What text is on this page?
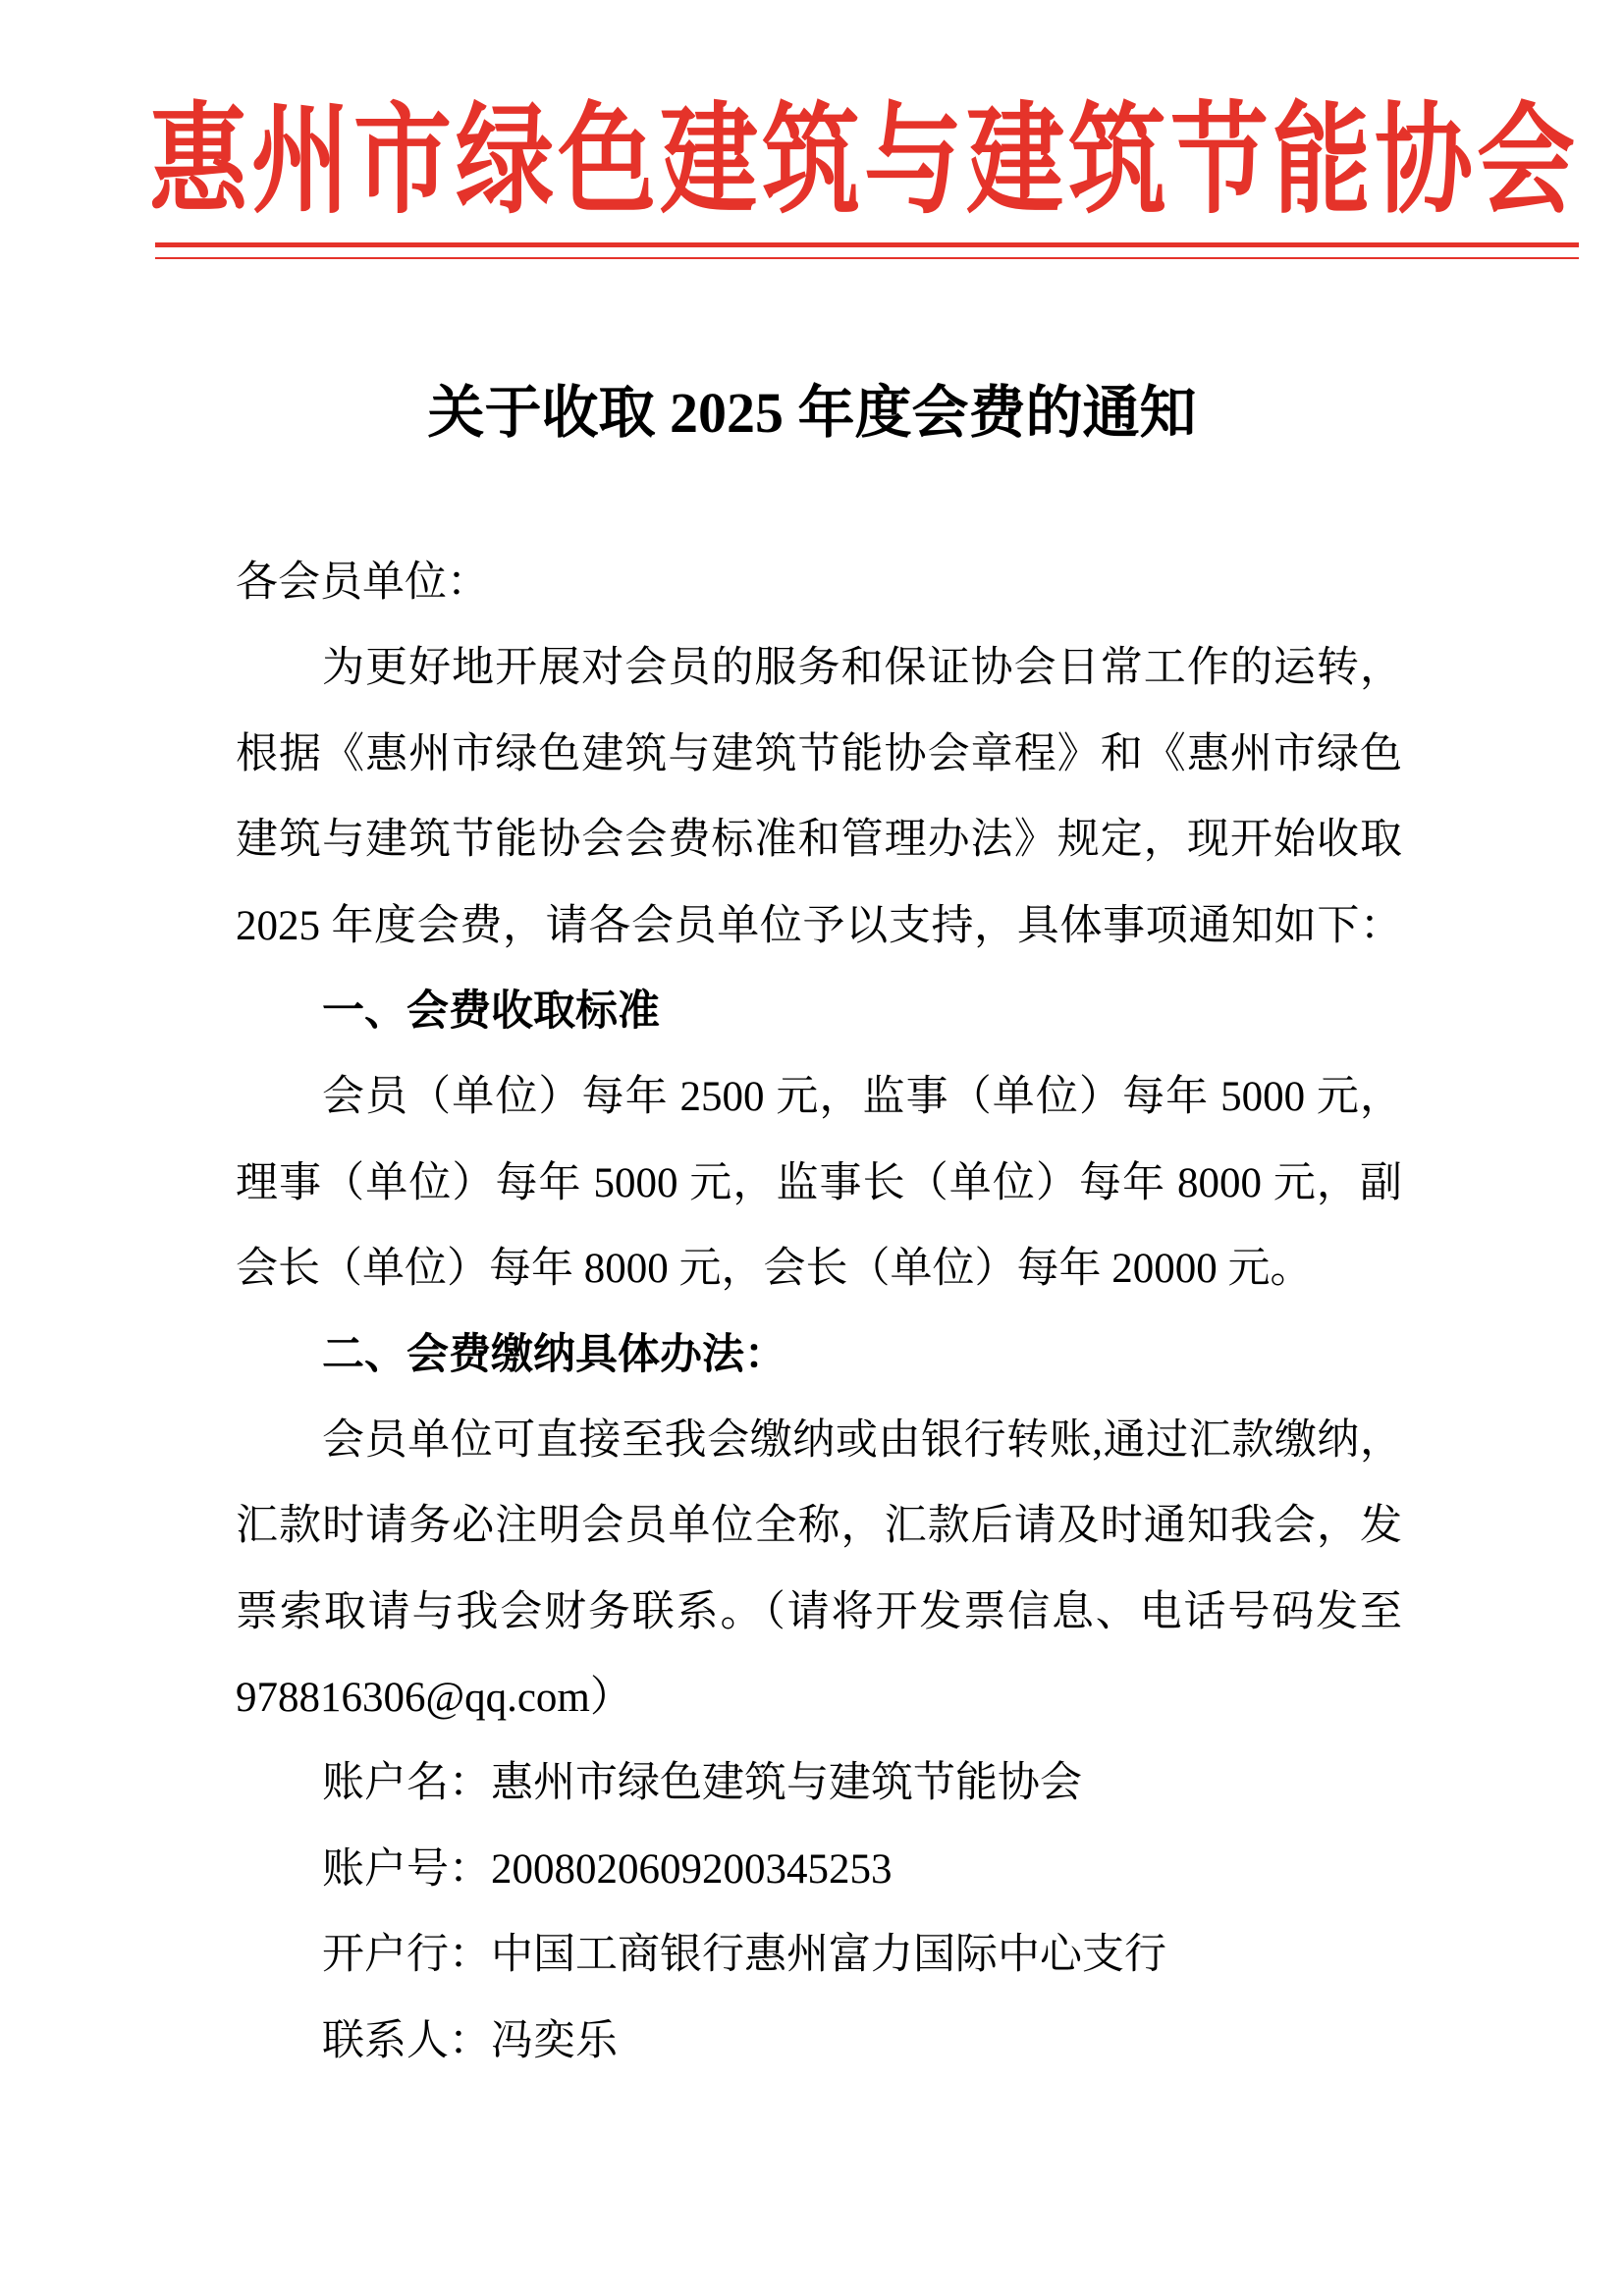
惠州市绿色建筑与建筑节能协会
关于收取 2025 年度会费的通知
各会员单位：
为更好地开展对会员的服务和保证协会日常工作的运转，
根据《惠州市绿色建筑与建筑节能协会章程》和《惠州市绿色
建筑与建筑节能协会会费标准和管理办法》规定，现开始收取
2025 年度会费，请各会员单位予以支持，具体事项通知如下：
一、会费收取标准
会员（单位）每年 2500 元，监事（单位）每年 5000 元，
理事（单位）每年 5000 元，监事长（单位）每年 8000 元，副
会长（单位）每年 8000 元，会长（单位）每年 20000 元。
二、会费缴纳具体办法：
会员单位可直接至我会缴纳或由银行转账,通过汇款缴纳，
汇款时请务必注明会员单位全称，汇款后请及时通知我会，发
票索取请与我会财务联系。（请将开发票信息、电话号码发至
978816306@qq.com）
账户名：惠州市绿色建筑与建筑节能协会
账户号：2008020609200345253
开户行：中国工商银行惠州富力国际中心支行
联系人：冯奕乐
